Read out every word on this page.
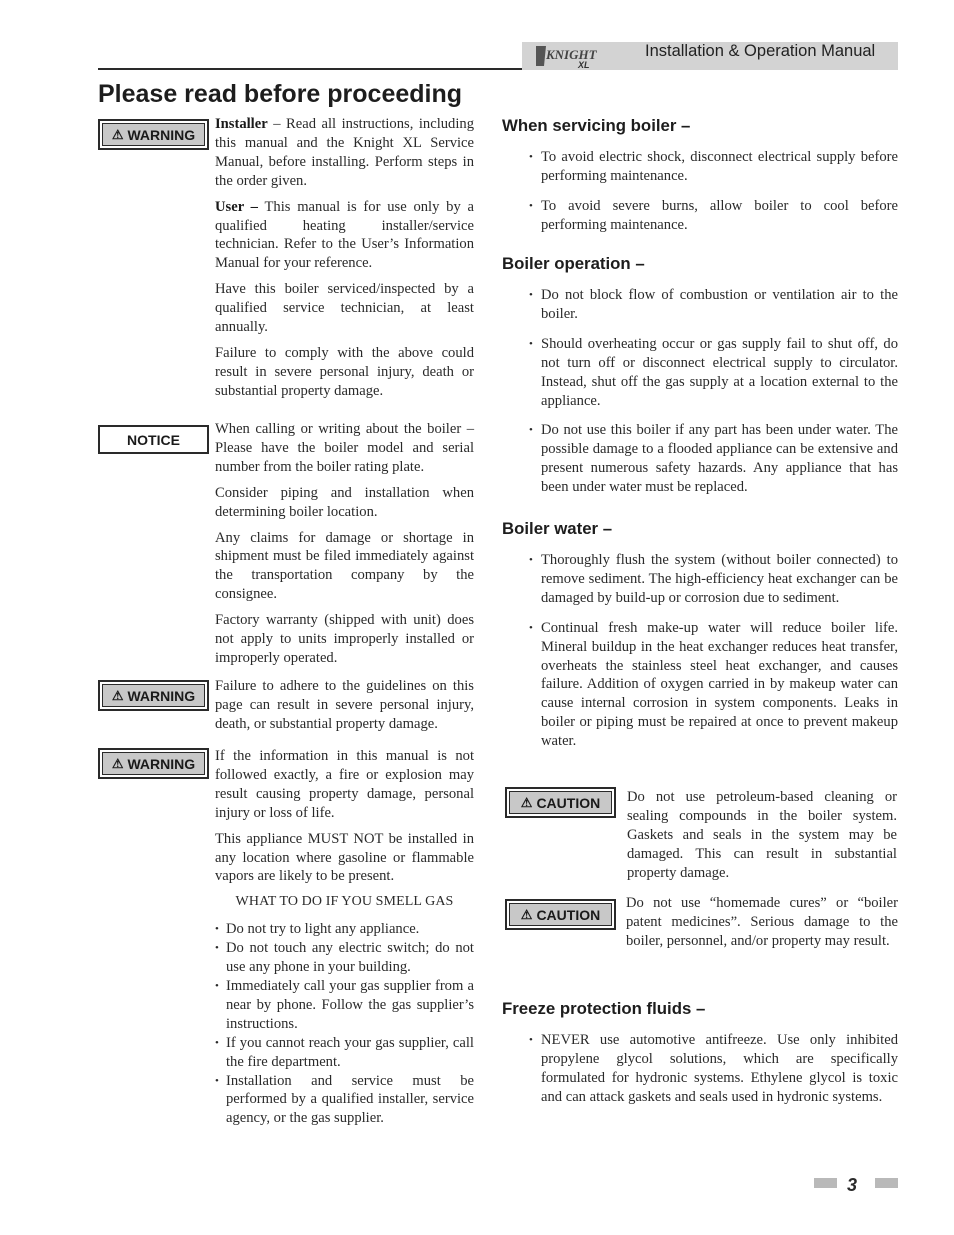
KNIGHT
XL
Installation & Operation Manual
Please read before proceeding
⚠ WARNING
NOTICE
⚠ WARNING
⚠ WARNING

Installer – Read all instructions, including this manual and the Knight XL Service Manual, before installing. Perform steps in the order given.

User – This manual is for use only by a qualified heating installer/service technician. Refer to the User’s Information Manual for your reference.

Have this boiler serviced/inspected by a qualified service technician, at least annually.

Failure to comply with the above could result in severe personal injury, death or substantial property damage.

When calling or writing about the boiler – Please have the boiler model and serial number from the boiler rating plate.

Consider piping and installation when determining boiler location.

Any claims for damage or shortage in shipment must be filed immediately against the transportation company by the consignee.

Factory warranty (shipped with unit) does not apply to units improperly installed or improperly operated.

Failure to adhere to the guidelines on this page can result in severe personal injury, death, or substantial property damage.

If the information in this manual is not followed exactly, a fire or explosion may result causing property damage, personal injury or loss of life.

This appliance MUST NOT be installed in any location where gasoline or flammable vapors are likely to be present.

WHAT TO DO IF YOU SMELL GAS
• Do not try to light any appliance.
• Do not touch any electric switch; do not use any phone in your building.
• Immediately call your gas supplier from a near by phone. Follow the gas supplier’s instructions.
• If you cannot reach your gas supplier, call the fire department.
• Installation and service must be performed by a qualified installer, service agency, or the gas supplier.
When servicing boiler –
• To avoid electric shock, disconnect electrical supply before performing maintenance.
• To avoid severe burns, allow boiler to cool before performing maintenance.
Boiler operation –
• Do not block flow of combustion or ventilation air to the boiler.
• Should overheating occur or gas supply fail to shut off, do not turn off or disconnect electrical supply to circulator. Instead, shut off the gas supply at a location external to the appliance.
• Do not use this boiler if any part has been under water. The possible damage to a flooded appliance can be extensive and present numerous safety hazards. Any appliance that has been under water must be replaced.
Boiler water –
• Thoroughly flush the system (without boiler connected) to remove sediment. The high-efficiency heat exchanger can be damaged by build-up or corrosion due to sediment.
• Continual fresh make-up water will reduce boiler life. Mineral buildup in the heat exchanger reduces heat transfer, overheats the stainless steel heat exchanger, and causes failure. Addition of oxygen carried in by makeup water can cause internal corrosion in system components. Leaks in boiler or piping must be repaired at once to prevent makeup water.
⚠ CAUTION Do not use petroleum-based cleaning or sealing compounds in the boiler system. Gaskets and seals in the system may be damaged. This can result in substantial property damage.

⚠ CAUTION

Do not use “homemade cures” or “boiler patent medicines”. Serious damage to the boiler, personnel, and/or property may result.

Freeze protection fluids –
• NEVER use automotive antifreeze. Use only inhibited propylene glycol solutions, which are specifically formulated for hydronic systems. Ethylene glycol is toxic and can attack gaskets and seals used in hydronic systems.
3
